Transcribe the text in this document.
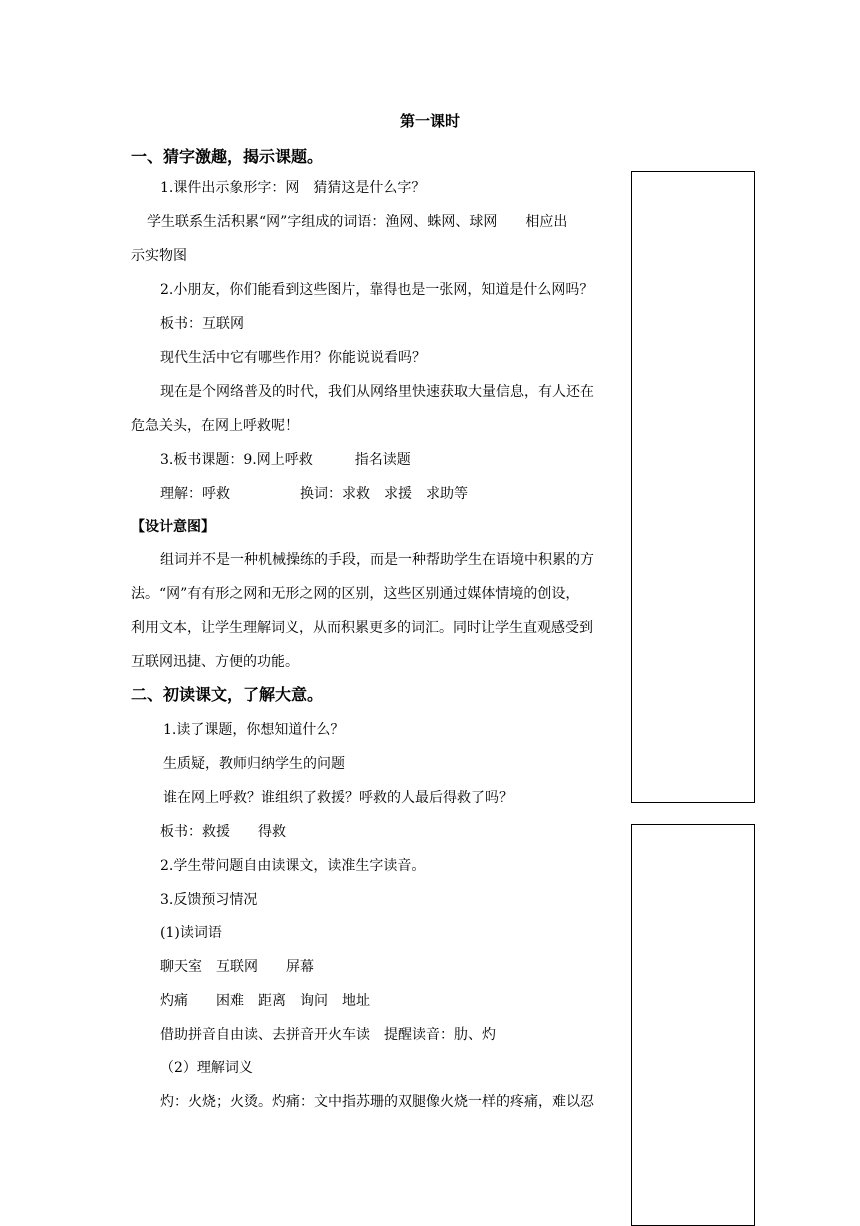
第一课时
一、猜字激趣，揭示课题。
1.课件出示象形字：网　猜猜这是什么字？
学生联系生活积累“网”字组成的词语：渔网、蛛网、球网　　相应出
示实物图
2.小朋友，你们能看到这些图片，靠得也是一张网，知道是什么网吗？
板书：互联网
现代生活中它有哪些作用？你能说说看吗？
现在是个网络普及的时代，我们从网络里快速获取大量信息，有人还在
危急关头，在网上呼救呢！
3.板书课题：9.网上呼救　　　指名读题
理解：呼救　　　　　换词：求救　求援　求助等
【设计意图】
组词并不是一种机械操练的手段，而是一种帮助学生在语境中积累的方
法。“网”有有形之网和无形之网的区别，这些区别通过媒体情境的创设，
利用文本，让学生理解词义，从而积累更多的词汇。同时让学生直观感受到
互联网迅捷、方便的功能。
二、初读课文，了解大意。
1.读了课题，你想知道什么？
生质疑，教师归纳学生的问题
谁在网上呼救？谁组织了救援？呼救的人最后得救了吗？
板书：救援　　得救
2.学生带问题自由读课文，读准生字读音。
3.反馈预习情况
(1)读词语
聊天室　互联网　　屏幕
灼痛　　困难　距离　询问　地址
借助拼音自由读、去拼音开火车读　提醒读音：肋、灼
（2）理解词义
灼：火烧；火烫。灼痛：文中指苏珊的双腿像火烧一样的疼痛，难以忍
